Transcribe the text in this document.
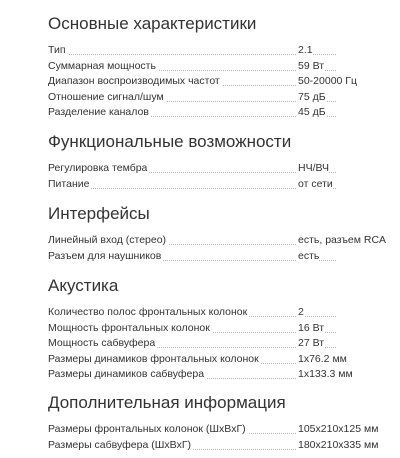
Основные характеристики
Тип	2.1
Суммарная мощность	59 Вт
Диапазон воспроизводимых частот	50-20000 Гц
Отношение сигнал/шум	75 дБ
Разделение каналов	45 дБ
Функциональные возможности
Регулировка тембра	НЧ/ВЧ
Питание	от сети
Интерфейсы
Линейный вход (стерео)	есть, разъем RCA
Разъем для наушников	есть
Акустика
Количество полос фронтальных колонок	2
Мощность фронтальных колонок	16 Вт
Мощность сабвуфера	27 Вт
Размеры динамиков фронтальных колонок	1x76.2 мм
Размеры динамиков сабвуфера	1x133.3 мм
Дополнительная информация
Размеры фронтальных колонок (ШxВxГ)	105x210x125 мм
Размеры сабвуфера (ШxВxГ)	180x210x335 мм
